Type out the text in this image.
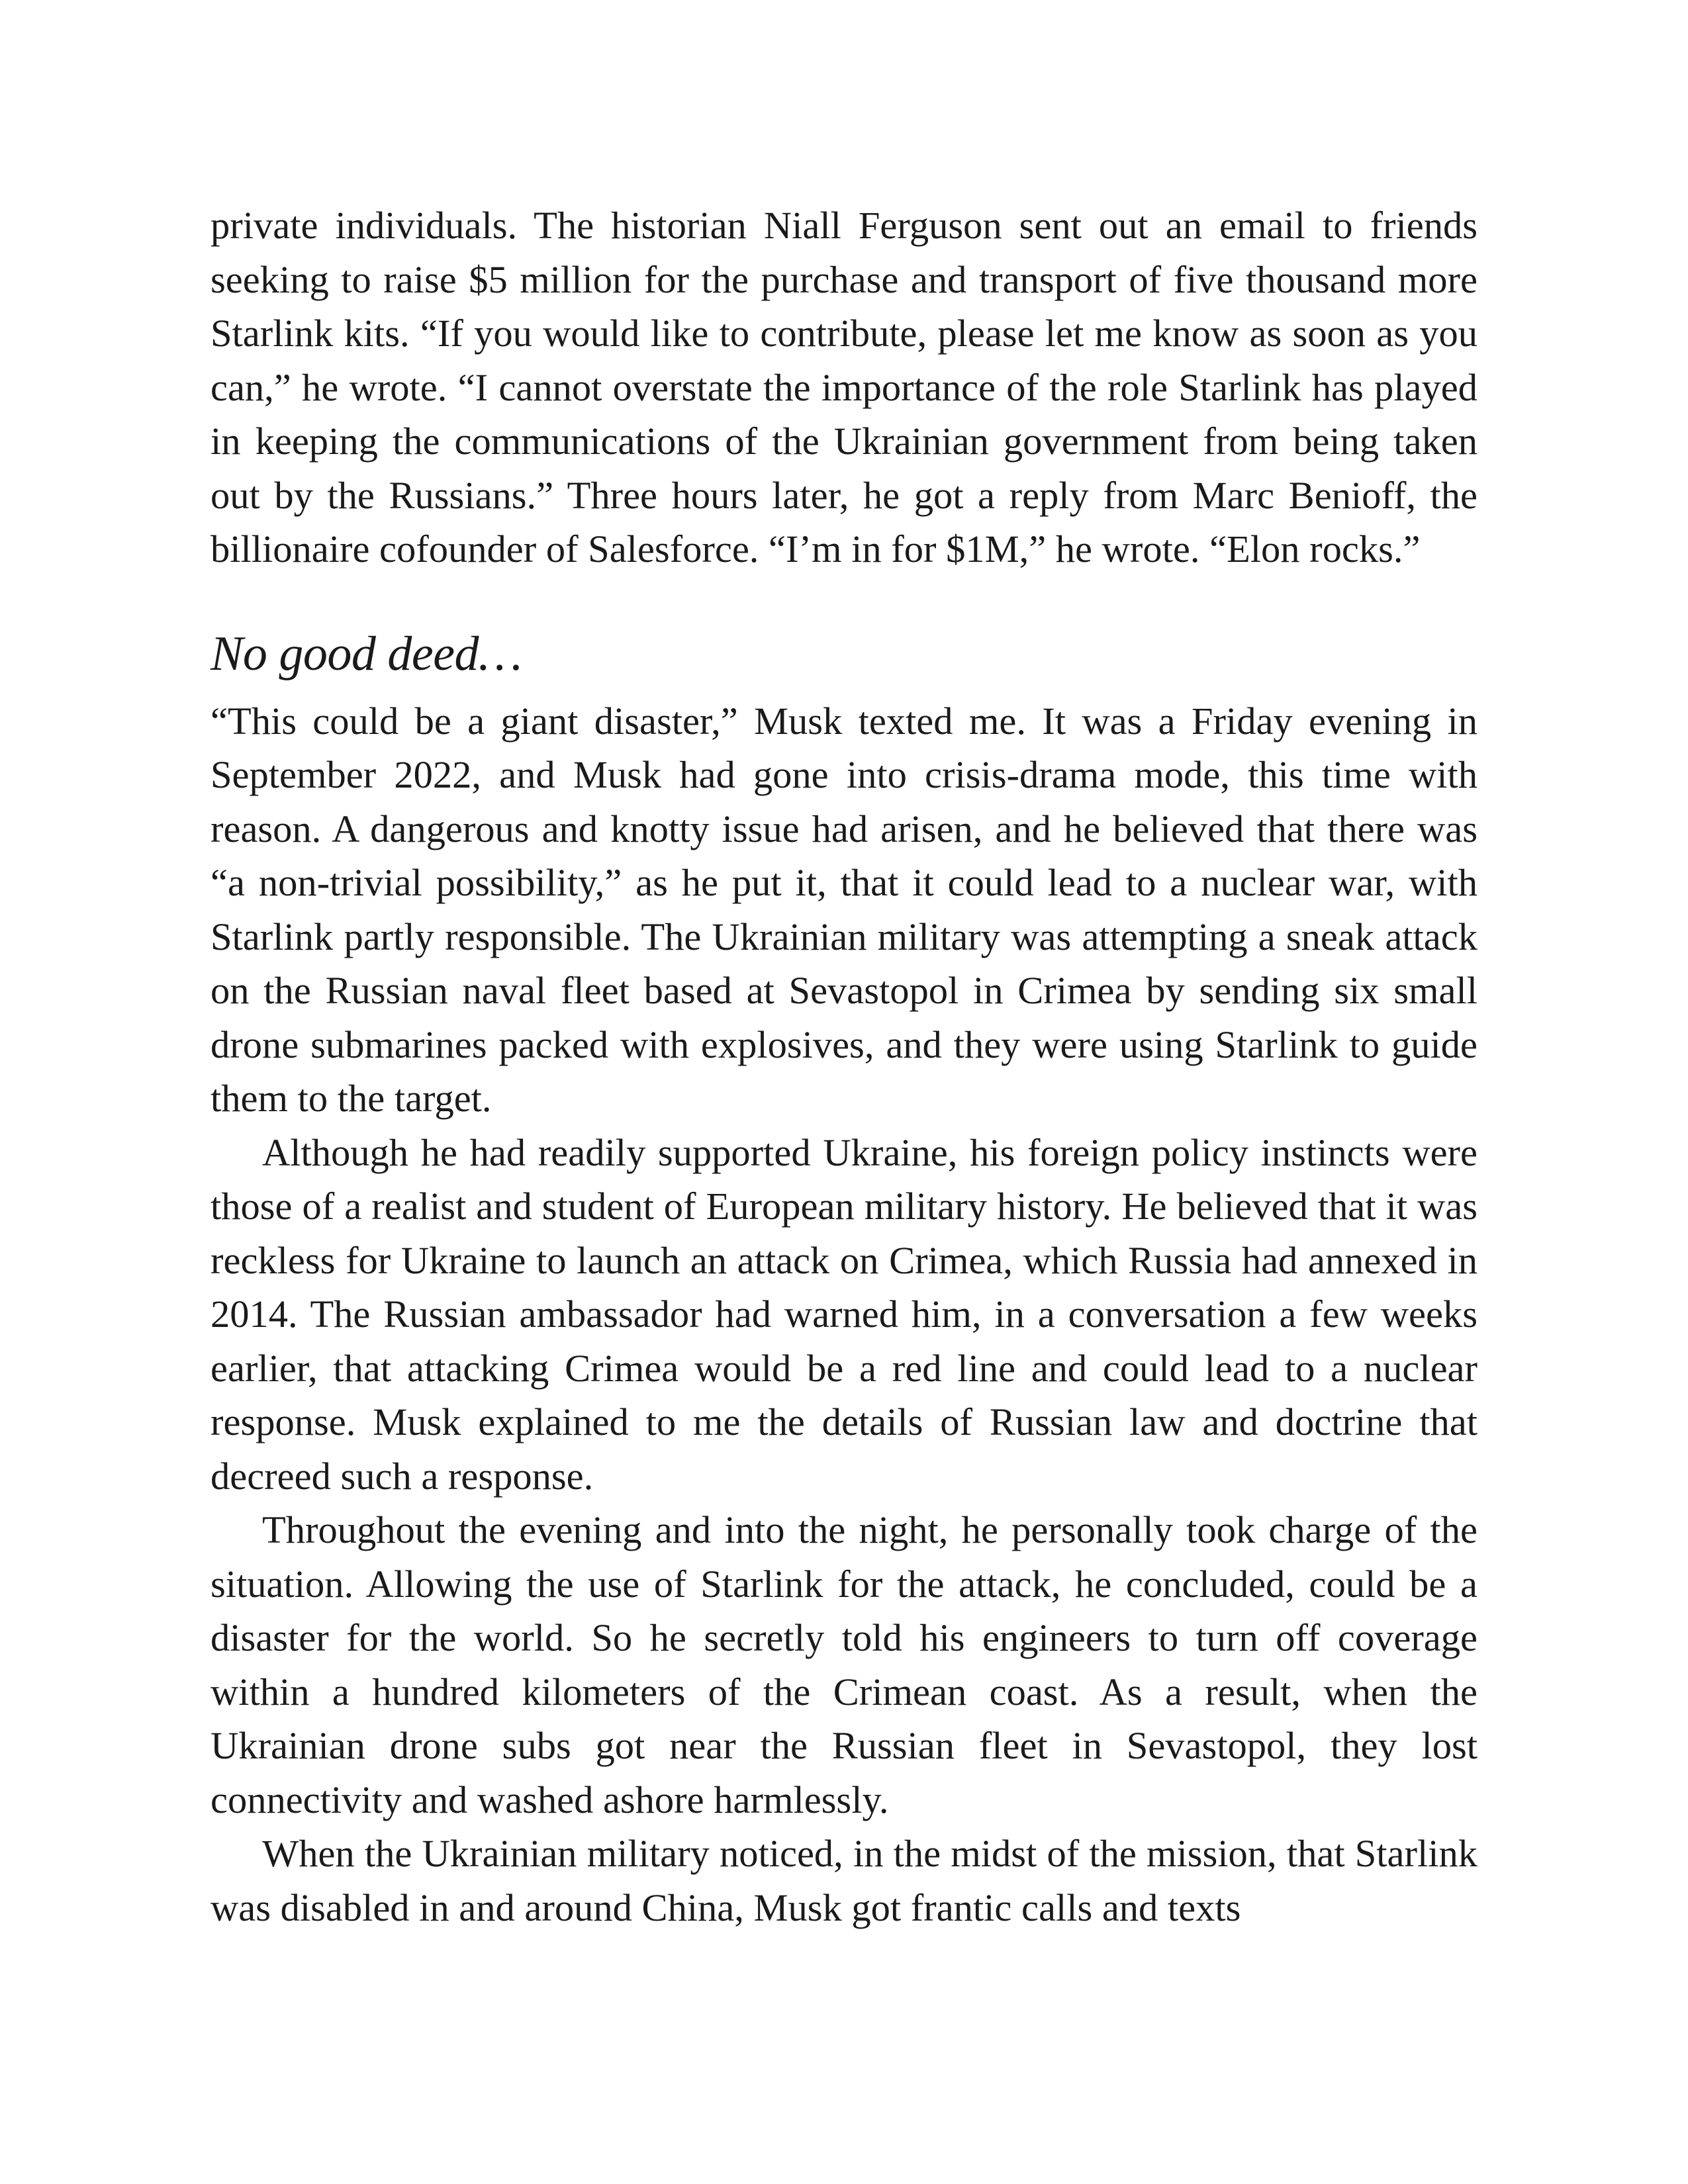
private individuals. The historian Niall Ferguson sent out an email to friends seeking to raise $5 million for the purchase and transport of five thousand more Starlink kits. “If you would like to contribute, please let me know as soon as you can,” he wrote. “I cannot overstate the importance of the role Starlink has played in keeping the communications of the Ukrainian government from being taken out by the Russians.” Three hours later, he got a reply from Marc Benioff, the billionaire cofounder of Salesforce. “I’m in for $1M,” he wrote. “Elon rocks.”

No good deed…

“This could be a giant disaster,” Musk texted me. It was a Friday evening in September 2022, and Musk had gone into crisis-drama mode, this time with reason. A dangerous and knotty issue had arisen, and he believed that there was “a non-trivial possibility,” as he put it, that it could lead to a nuclear war, with Starlink partly responsible. The Ukrainian military was attempting a sneak attack on the Russian naval fleet based at Sevastopol in Crimea by sending six small drone submarines packed with explosives, and they were using Starlink to guide them to the target.

Although he had readily supported Ukraine, his foreign policy instincts were those of a realist and student of European military history. He believed that it was reckless for Ukraine to launch an attack on Crimea, which Russia had annexed in 2014. The Russian ambassador had warned him, in a conversation a few weeks earlier, that attacking Crimea would be a red line and could lead to a nuclear response. Musk explained to me the details of Russian law and doctrine that decreed such a response.

Throughout the evening and into the night, he personally took charge of the situation. Allowing the use of Starlink for the attack, he concluded, could be a disaster for the world. So he secretly told his engineers to turn off coverage within a hundred kilometers of the Crimean coast. As a result, when the Ukrainian drone subs got near the Russian fleet in Sevastopol, they lost connectivity and washed ashore harmlessly.

When the Ukrainian military noticed, in the midst of the mission, that Starlink was disabled in and around China, Musk got frantic calls and texts
